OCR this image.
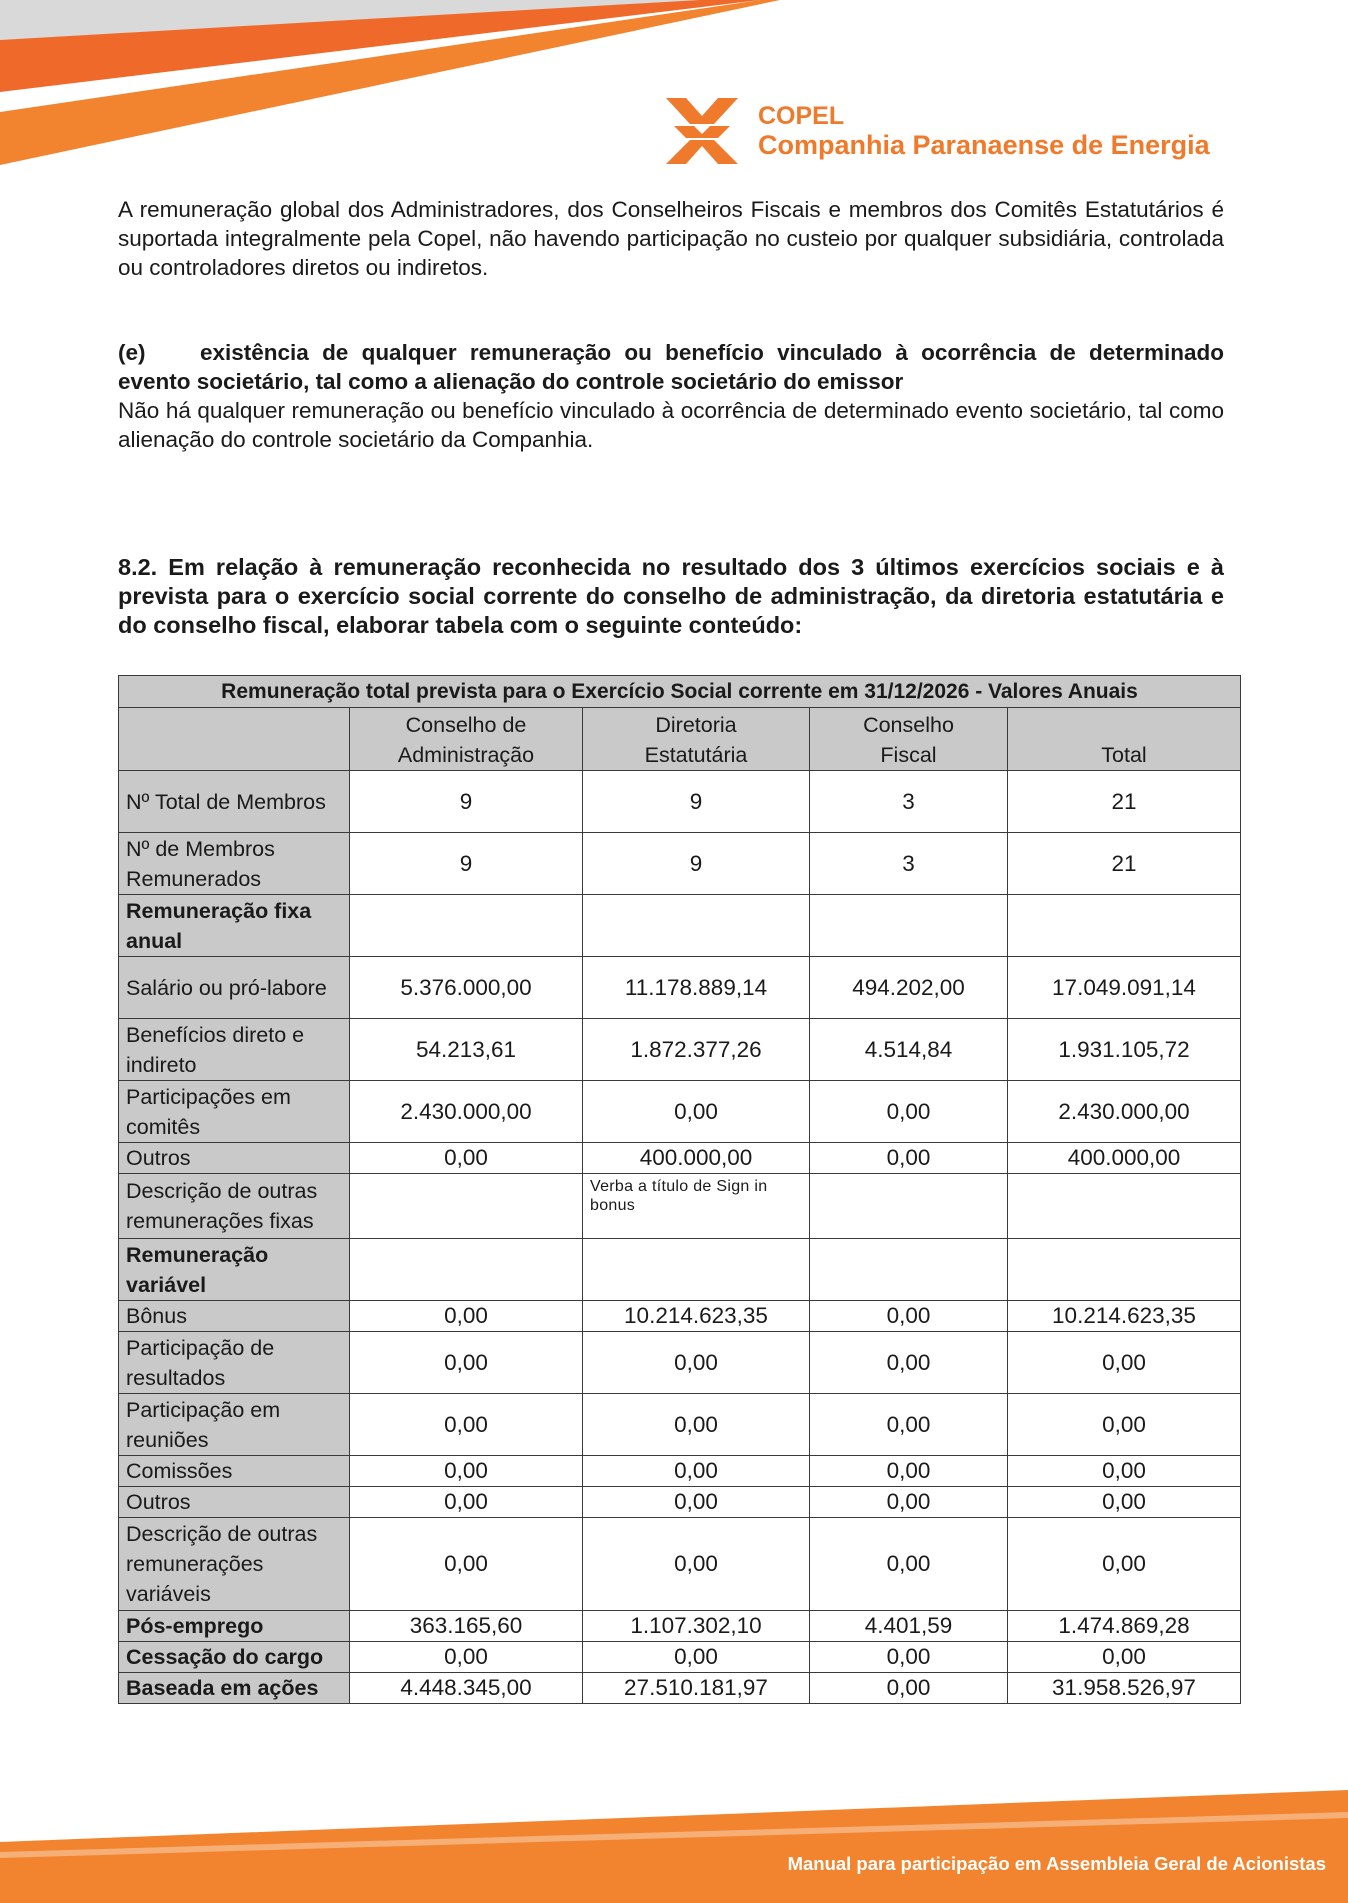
COPEL
Companhia Paranaense de Energia
A remuneração global dos Administradores, dos Conselheiros Fiscais e membros dos Comitês Estatutários é suportada integralmente pela Copel, não havendo participação no custeio por qualquer subsidiária, controlada ou controladores diretos ou indiretos.
(e) existência de qualquer remuneração ou benefício vinculado à ocorrência de determinado evento societário, tal como a alienação do controle societário do emissor
Não há qualquer remuneração ou benefício vinculado à ocorrência de determinado evento societário, tal como alienação do controle societário da Companhia.
8.2. Em relação à remuneração reconhecida no resultado dos 3 últimos exercícios sociais e à prevista para o exercício social corrente do conselho de administração, da diretoria estatutária e do conselho fiscal, elaborar tabela com o seguinte conteúdo:
Remuneração total prevista para o Exercício Social corrente em 31/12/2026 - Valores Anuais				
	Conselho de Administração	Diretoria Estatutária	Conselho Fiscal	Total
Nº Total de Membros	9	9	3	21
Nº de Membros Remunerados	9	9	3	21
Remuneração fixa anual				
Salário ou pró-labore	5.376.000,00	11.178.889,14	494.202,00	17.049.091,14
Benefícios direto e indireto	54.213,61	1.872.377,26	4.514,84	1.931.105,72
Participações em comitês	2.430.000,00	0,00	0,00	2.430.000,00
Outros	0,00	400.000,00	0,00	400.000,00
Descrição de outras remunerações fixas		Verba a título de Sign in bonus		
Remuneração variável				
Bônus	0,00	10.214.623,35	0,00	10.214.623,35
Participação de resultados	0,00	0,00	0,00	0,00
Participação em reuniões	0,00	0,00	0,00	0,00
Comissões	0,00	0,00	0,00	0,00
Outros	0,00	0,00	0,00	0,00
Descrição de outras remunerações variáveis	0,00	0,00	0,00	0,00
Pós-emprego	363.165,60	1.107.302,10	4.401,59	1.474.869,28
Cessação do cargo	0,00	0,00	0,00	0,00
Baseada em ações	4.448.345,00	27.510.181,97	0,00	31.958.526,97
Manual para participação em Assembleia Geral de Acionistas
